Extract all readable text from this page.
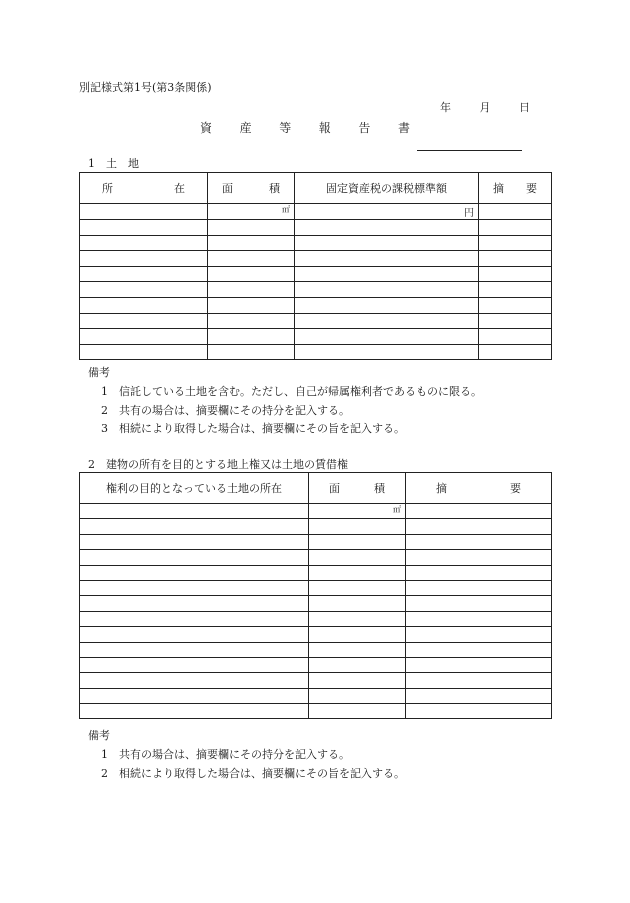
別記様式第1号(第3条関係)
年	月	日
資 産 等 報 告 書
1　土　地
所 在	面 積	固定資産税の課税標準額	摘 要

	㎡	円	

備考
1　信託している土地を含む。ただし、自己が帰属権利者であるものに限る。
2　共有の場合は、摘要欄にその持分を記入する。
3　相続により取得した場合は、摘要欄にその旨を記入する。
2　建物の所有を目的とする地上権又は土地の賃借権
権利の目的となっている土地の所在	面 積	摘 要

	㎡	

備考
1　共有の場合は、摘要欄にその持分を記入する。
2　相続により取得した場合は、摘要欄にその旨を記入する。
